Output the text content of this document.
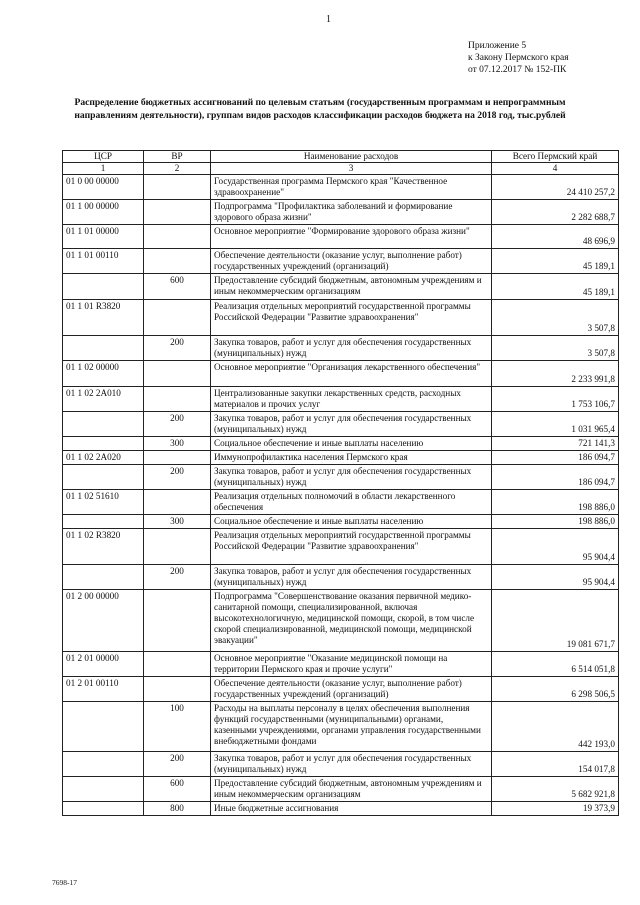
1
Приложение 5
к Закону Пермского края
от 07.12.2017 № 152-ПК
Распределение бюджетных ассигнований по целевым статьям (государственным программам и непрограммным
направлениям деятельности), группам видов расходов классификации расходов бюджета на 2018 год, тыс.рублей
ЦСР	ВР	Наименование расходов	Всего Пермский край
1	2	3	4
01 0 00 00000		Государственная программа Пермского края "Качественное здравоохранение"	24 410 257,2
01 1 00 00000		Подпрограмма "Профилактика заболеваний и формирование здорового образа жизни"	2 282 688,7
01 1 01 00000		Основное мероприятие "Формирование здорового образа жизни"	48 696,9
01 1 01 00110		Обеспечение деятельности (оказание услуг, выполнение работ) государственных учреждений (организаций)	45 189,1
	600	Предоставление субсидий бюджетным, автономным учреждениям и иным некоммерческим организациям	45 189,1
01 1 01 R3820		Реализация отдельных мероприятий государственной программы Российской Федерации "Развитие здравоохранения"	3 507,8
	200	Закупка товаров, работ и услуг для обеспечения государственных (муниципальных) нужд	3 507,8
01 1 02 00000		Основное мероприятие "Организация лекарственного обеспечения"	2 233 991,8
01 1 02 2А010		Централизованные закупки лекарственных средств, расходных материалов и прочих услуг	1 753 106,7
	200	Закупка товаров, работ и услуг для обеспечения государственных (муниципальных) нужд	1 031 965,4
	300	Социальное обеспечение и иные выплаты населению	721 141,3
01 1 02 2А020		Иммунопрофилактика населения Пермского края	186 094,7
	200	Закупка товаров, работ и услуг для обеспечения государственных (муниципальных) нужд	186 094,7
01 1 02 51610		Реализация отдельных полномочий в области лекарственного обеспечения	198 886,0
	300	Социальное обеспечение и иные выплаты населению	198 886,0
01 1 02 R3820		Реализация отдельных мероприятий государственной программы Российской Федерации "Развитие здравоохранения"	95 904,4
	200	Закупка товаров, работ и услуг для обеспечения государственных (муниципальных) нужд	95 904,4
01 2 00 00000		Подпрограмма "Совершенствование оказания первичной медико-санитарной помощи, специализированной, включая высокотехнологичную, медицинской помощи, скорой, в том числе скорой специализированной, медицинской помощи, медицинской эвакуации"	19 081 671,7
01 2 01 00000		Основное мероприятие "Оказание медицинской помощи на территории Пермского края и прочие услуги"	6 514 051,8
01 2 01 00110		Обеспечение деятельности (оказание услуг, выполнение работ) государственных учреждений (организаций)	6 298 506,5
	100	Расходы на выплаты персоналу в целях обеспечения выполнения функций государственными (муниципальными) органами, казенными учреждениями, органами управления государственными внебюджетными фондами	442 193,0
	200	Закупка товаров, работ и услуг для обеспечения государственных (муниципальных) нужд	154 017,8
	600	Предоставление субсидий бюджетным, автономным учреждениям и иным некоммерческим организациям	5 682 921,8
	800	Иные бюджетные ассигнования	19 373,9
7698-17
